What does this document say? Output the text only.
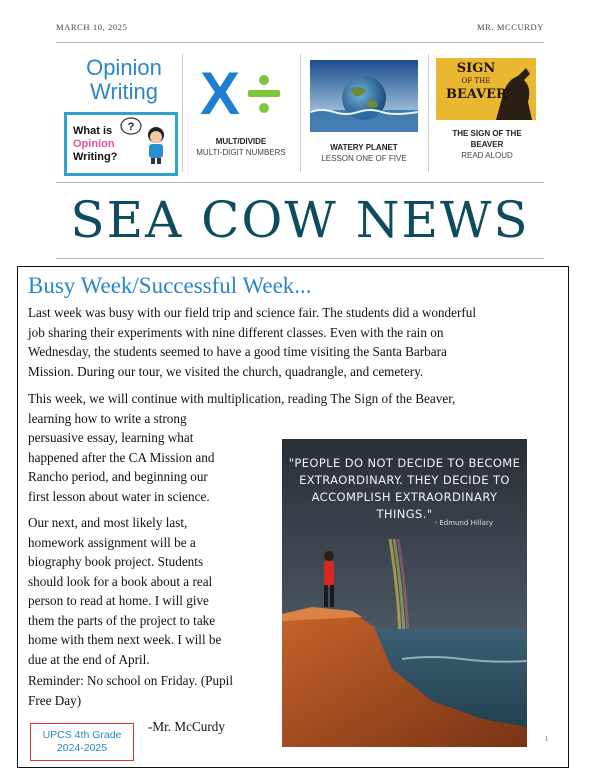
MARCH 10, 2025	MR. MCCURDY
Opinion
Writing
What is
Opinion
Writing?
? X
MULT/DIVIDE
MULTI-DIGIT NUMBERS
WATERY PLANET
LESSON ONE OF FIVE
SIGN
OF THE
BEAVER
THE SIGN OF THE
BEAVER
READ ALOUD
SEA COW NEWS
Busy Week/Successful Week...
Last week was busy with our field trip and science fair. The students did a wonderful
job sharing their experiments with nine different classes. Even with the rain on
Wednesday, the students seemed to have a good time visiting the Santa Barbara
Mission. During our tour, we visited the church, quadrangle, and cemetery.
This week, we will continue with multiplication, reading The Sign of the Beaver,
learning how to write a strong
persuasive essay, learning what
happened after the CA Mission and
Rancho period, and beginning our
first lesson about water in science.
Our next, and most likely last,
homework assignment will be a
biography book project. Students
should look for a book about a real
person to read at home. I will give
them the parts of the project to take
home with them next week. I will be
due at the end of April.
Reminder: No school on Friday. (Pupil
Free Day)
"PEOPLE DO NOT DECIDE TO BECOME
EXTRAORDINARY. THEY DECIDE TO
ACCOMPLISH EXTRAORDINARY THINGS."
- Edmund Hillary
UPCS 4th Grade
2024-2025
-Mr. McCurdy
1
